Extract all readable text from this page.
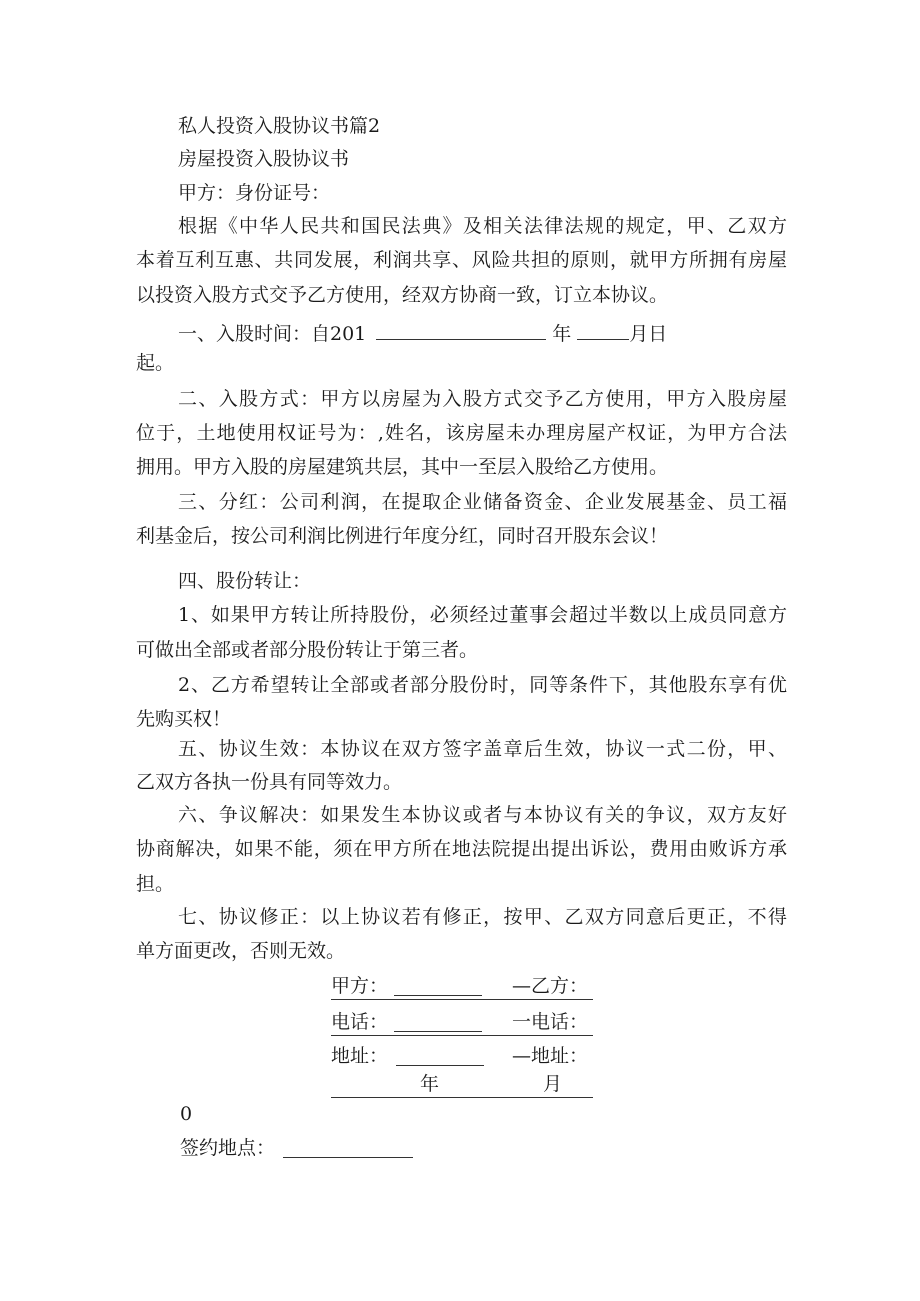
私人投资入股协议书篇2
房屋投资入股协议书
甲方：身份证号：
根据《中华人民共和国民法典》及相关法律法规的规定，甲、乙双方
本着互利互惠、共同发展，利润共享、风险共担的原则，就甲方所拥有房屋
以投资入股方式交予乙方使用，经双方协商一致，订立本协议。
一、入股时间：自201	年	月日
起。
二、入股方式：甲方以房屋为入股方式交予乙方使用，甲方入股房屋
位于，土地使用权证号为：,姓名，该房屋未办理房屋产权证，为甲方合法
拥用。甲方入股的房屋建筑共层，其中一至层入股给乙方使用。
三、分红：公司利润，在提取企业储备资金、企业发展基金、员工福
利基金后，按公司利润比例进行年度分红，同时召开股东会议！
四、股份转让：
1、如果甲方转让所持股份，必须经过董事会超过半数以上成员同意方
可做出全部或者部分股份转让于第三者。
2、乙方希望转让全部或者部分股份时，同等条件下，其他股东享有优
先购买权！
五、协议生效：本协议在双方签字盖章后生效，协议一式二份，甲、
乙双方各执一份具有同等效力。
六、争议解决：如果发生本协议或者与本协议有关的争议，双方友好
协商解决，如果不能，须在甲方所在地法院提出提出诉讼，费用由败诉方承
担。
七、协议修正：以上协议若有修正，按甲、乙双方同意后更正，不得
单方面更改，否则无效。
甲方：	—乙方：
电话：	一电话：
地址：	—地址：
年	月
0
签约地点：
